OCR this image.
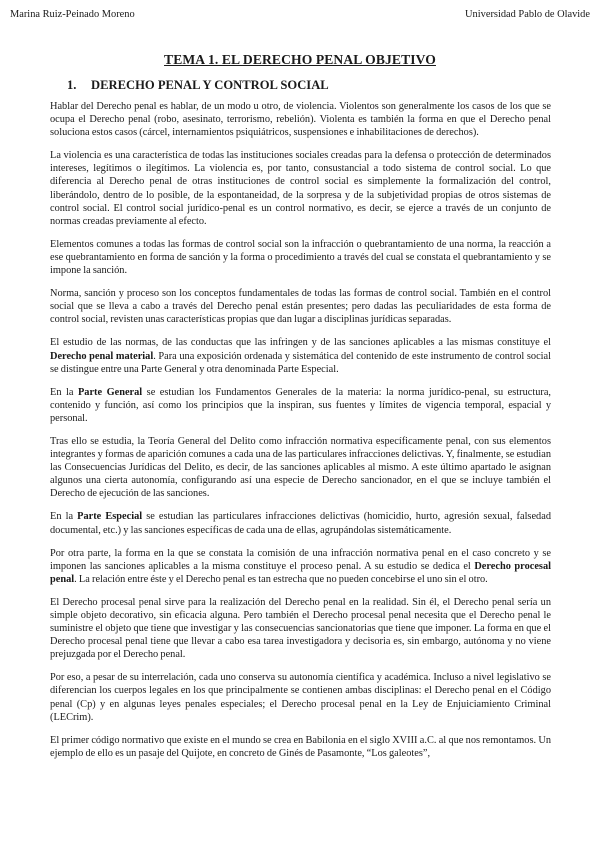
Marina Ruiz-Peinado Moreno	Universidad Pablo de Olavide
TEMA 1. EL DERECHO PENAL OBJETIVO
1. DERECHO PENAL Y CONTROL SOCIAL

Hablar del Derecho penal es hablar, de un modo u otro, de violencia. Violentos son generalmente los casos de los que se ocupa el Derecho penal (robo, asesinato, terrorismo, rebelión). Violenta es también la forma en que el Derecho penal soluciona estos casos (cárcel, internamientos psiquiátricos, suspensiones e inhabilitaciones de derechos).

La violencia es una característica de todas las instituciones sociales creadas para la defensa o protección de determinados intereses, legítimos o ilegítimos. La violencia es, por tanto, consustancial a todo sistema de control social. Lo que diferencia al Derecho penal de otras instituciones de control social es simplemente la formalización del control, liberándolo, dentro de lo posible, de la espontaneidad, de la sorpresa y de la subjetividad propias de otros sistemas de control social. El control social jurídico-penal es un control normativo, es decir, se ejerce a través de un conjunto de normas creadas previamente al efecto.

Elementos comunes a todas las formas de control social son la infracción o quebrantamiento de una norma, la reacción a ese quebrantamiento en forma de sanción y la forma o procedimiento a través del cual se constata el quebrantamiento y se impone la sanción.

Norma, sanción y proceso son los conceptos fundamentales de todas las formas de control social. También en el control social que se lleva a cabo a través del Derecho penal están presentes; pero dadas las peculiaridades de esta forma de control social, revisten unas características propias que dan lugar a disciplinas jurídicas separadas.

El estudio de las normas, de las conductas que las infringen y de las sanciones aplicables a las mismas constituye el Derecho penal material. Para una exposición ordenada y sistemática del contenido de este instrumento de control social se distingue entre una Parte General y otra denominada Parte Especial.

En la Parte General se estudian los Fundamentos Generales de la materia: la norma jurídico-penal, su estructura, contenido y función, así como los principios que la inspiran, sus fuentes y límites de vigencia temporal, espacial y personal.

Tras ello se estudia, la Teoría General del Delito como infracción normativa específicamente penal, con sus elementos integrantes y formas de aparición comunes a cada una de las particulares infracciones delictivas. Y, finalmente, se estudian las Consecuencias Jurídicas del Delito, es decir, de las sanciones aplicables al mismo. A este último apartado le asignan algunos una cierta autonomía, configurando así una especie de Derecho sancionador, en el que se incluye también el Derecho de ejecución de las sanciones.

En la Parte Especial se estudian las particulares infracciones delictivas (homicidio, hurto, agresión sexual, falsedad documental, etc.) y las sanciones específicas de cada una de ellas, agrupándolas sistemáticamente.

Por otra parte, la forma en la que se constata la comisión de una infracción normativa penal en el caso concreto y se imponen las sanciones aplicables a la misma constituye el proceso penal. A su estudio se dedica el Derecho procesal penal. La relación entre éste y el Derecho penal es tan estrecha que no pueden concebirse el uno sin el otro.

El Derecho procesal penal sirve para la realización del Derecho penal en la realidad. Sin él, el Derecho penal sería un simple objeto decorativo, sin eficacia alguna. Pero también el Derecho procesal penal necesita que el Derecho penal le suministre el objeto que tiene que investigar y las consecuencias sancionatorias que tiene que imponer. La forma en que el Derecho procesal penal tiene que llevar a cabo esa tarea investigadora y decisoria es, sin embargo, autónoma y no viene prejuzgada por el Derecho penal.

Por eso, a pesar de su interrelación, cada uno conserva su autonomía científica y académica. Incluso a nivel legislativo se diferencian los cuerpos legales en los que principalmente se contienen ambas disciplinas: el Derecho penal en el Código penal (Cp) y en algunas leyes penales especiales; el Derecho procesal penal en la Ley de Enjuiciamiento Criminal (LECrim).

El primer código normativo que existe en el mundo se crea en Babilonia en el siglo XVIII a.C. al que nos remontamos. Un ejemplo de ello es un pasaje del Quijote, en concreto de Ginés de Pasamonte, “Los galeotes”,
